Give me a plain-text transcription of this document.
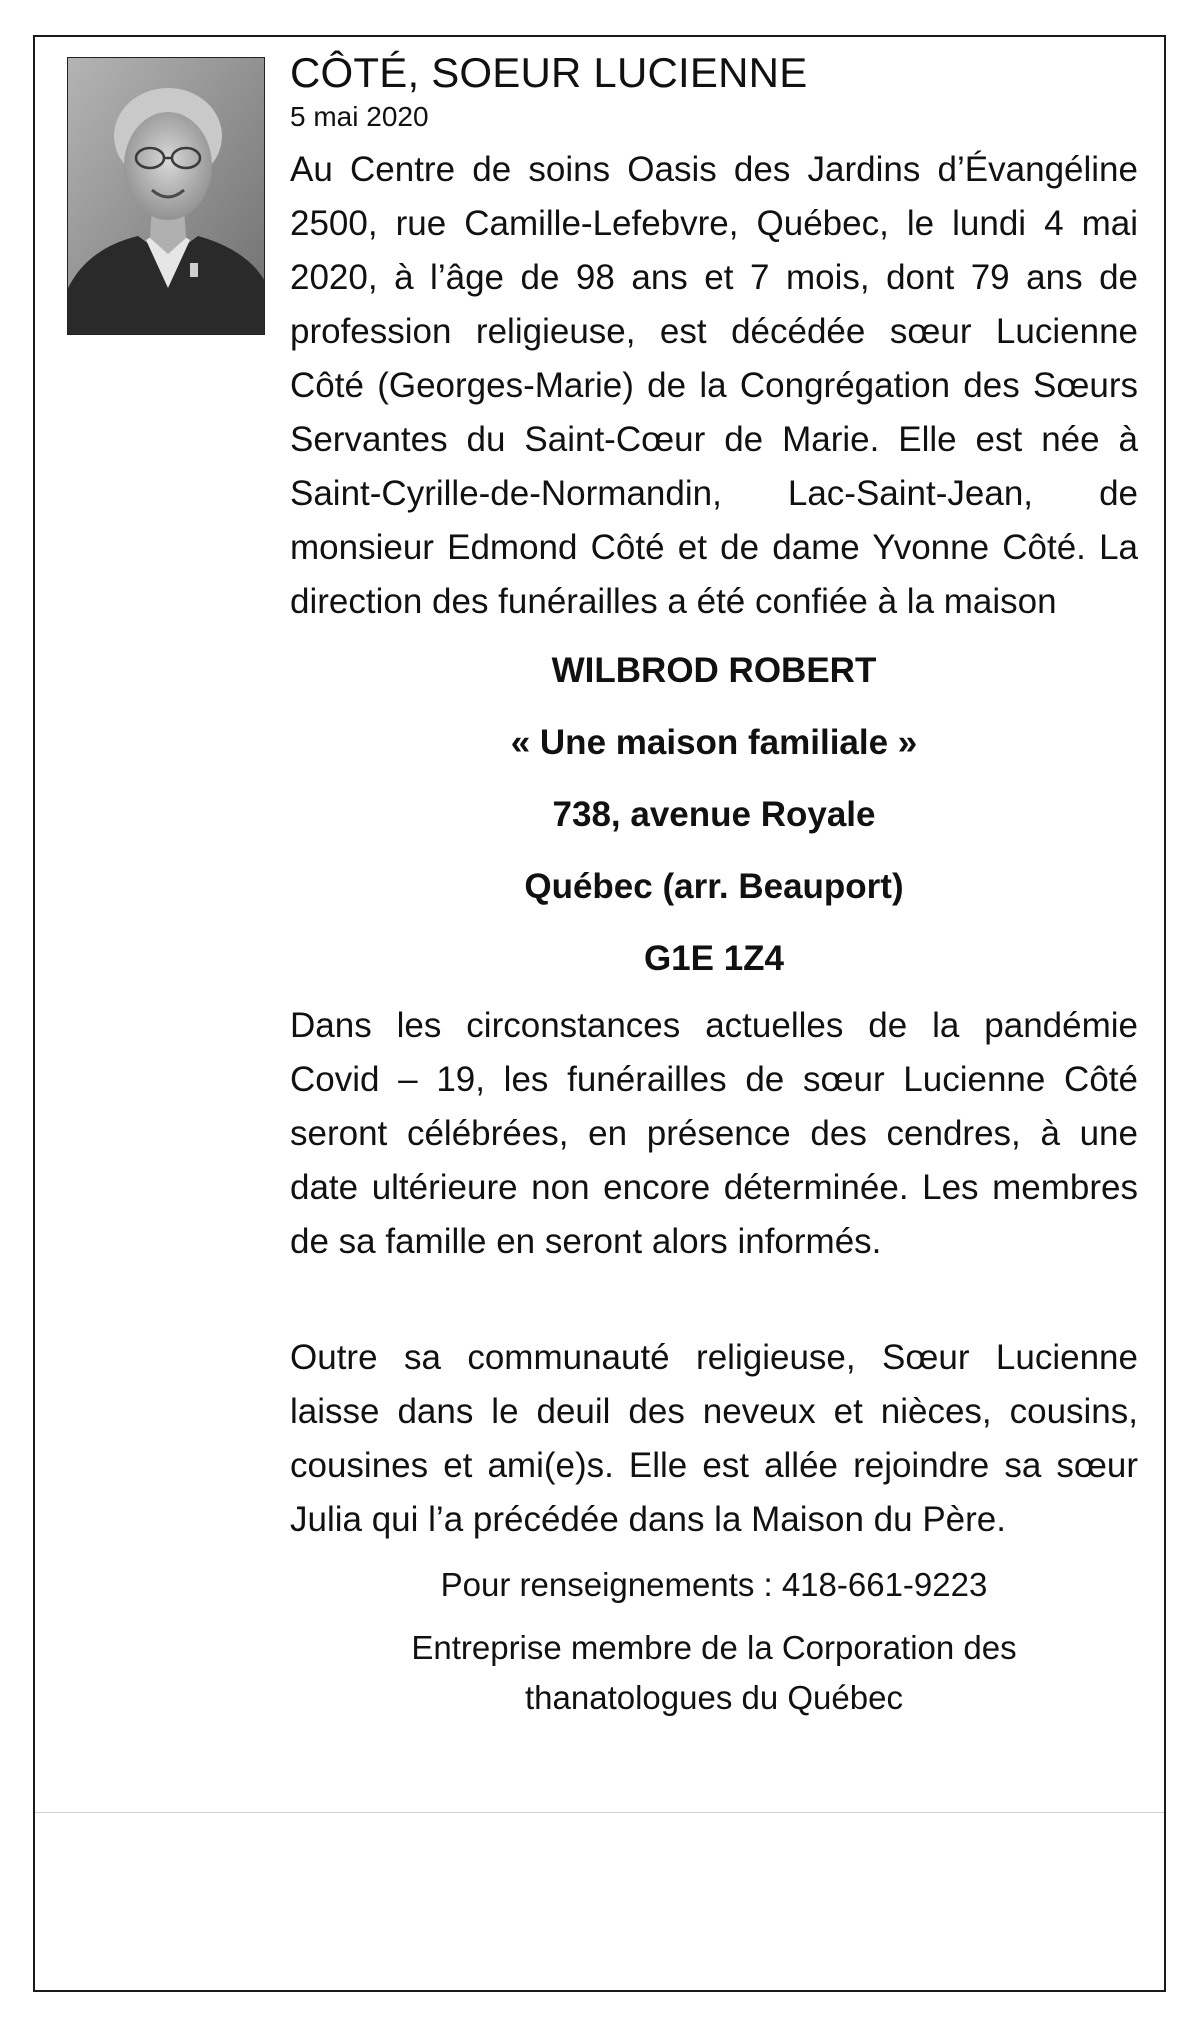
CÔTÉ, SOEUR LUCIENNE

5 mai 2020

Au Centre de soins Oasis des Jardins d’Évangéline 2500, rue Camille-Lefebvre, Québec, le lundi 4 mai 2020, à l’âge de 98 ans et 7 mois, dont 79 ans de profession religieuse, est décédée sœur Lucienne Côté (Georges-Marie) de la Congrégation des Sœurs Servantes du Saint-Cœur de Marie. Elle est née à Saint-Cyrille-de-Normandin, Lac-Saint-Jean, de monsieur Edmond Côté et de dame Yvonne Côté. La direction des funérailles a été confiée à la maison

WILBROD ROBERT
« Une maison familiale »
738, avenue Royale
Québec (arr. Beauport)
G1E 1Z4

Dans les circonstances actuelles de la pandémie Covid – 19, les funérailles de sœur Lucienne Côté seront célébrées, en présence des cendres, à une date ultérieure non encore déterminée. Les membres de sa famille en seront alors informés.

Outre sa communauté religieuse, Sœur Lucienne laisse dans le deuil des neveux et nièces, cousins, cousines et ami(e)s. Elle est allée rejoindre sa sœur Julia qui l’a précédée dans la Maison du Père.

Pour renseignements : 418-661-9223
Entreprise membre de la Corporation des
thanatologues du Québec
